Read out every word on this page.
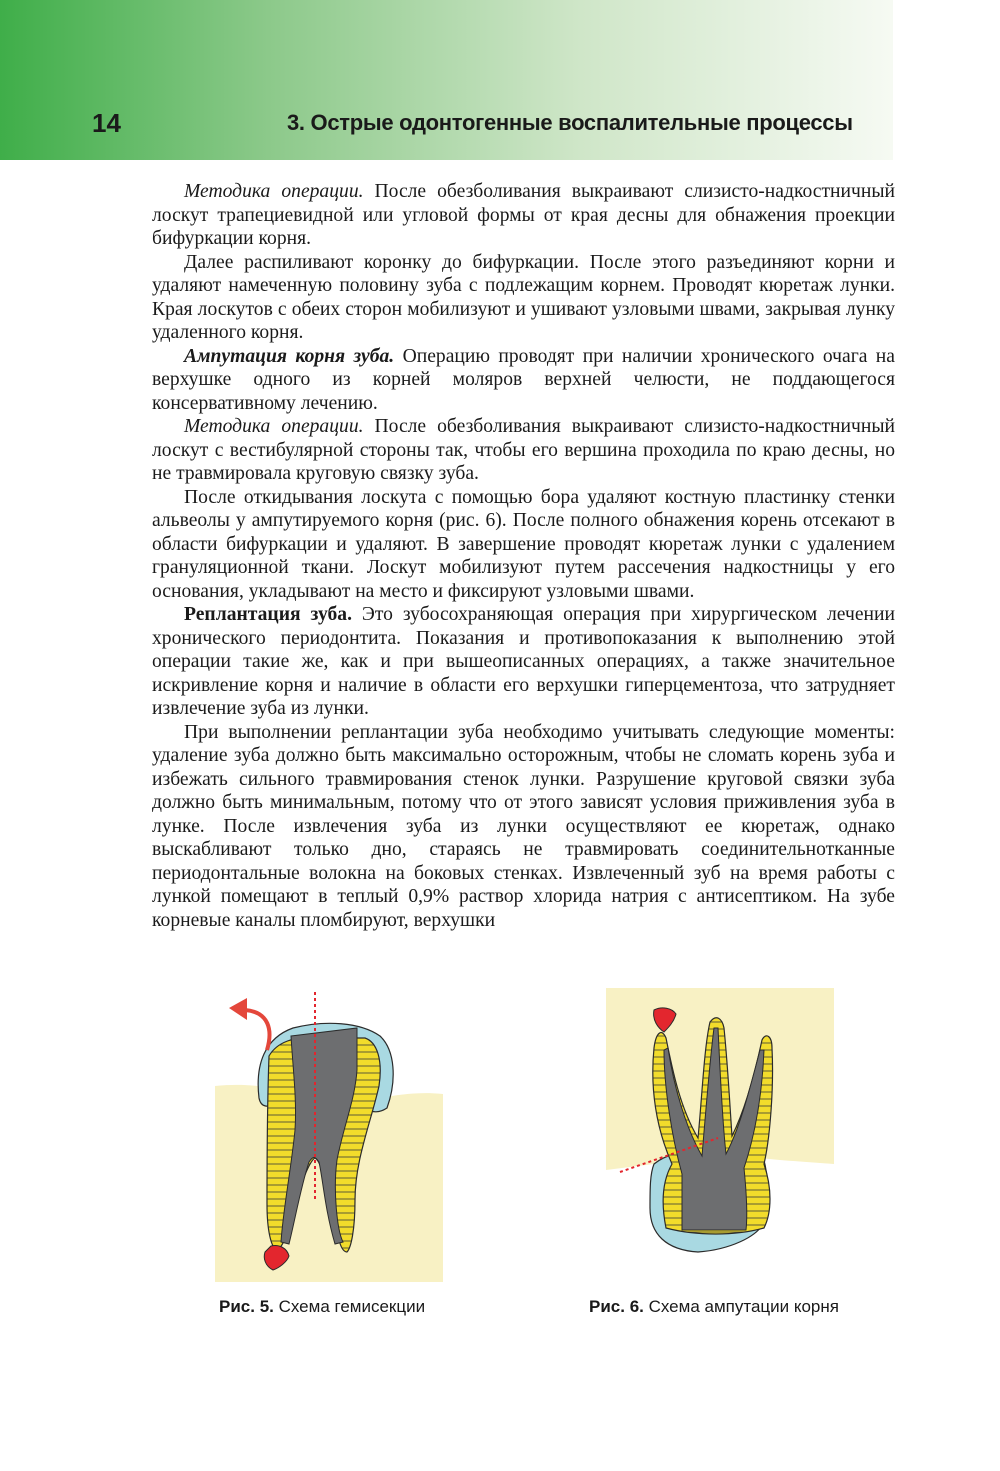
14	3. Острые одонтогенные воспалительные процессы

Методика операции. После обезболивания выкраивают слизисто-надкостничный лоскут трапециевидной или угловой формы от края десны для обнажения проекции бифуркации корня.

Далее распиливают коронку до бифуркации. После этого разъединяют корни и удаляют намеченную половину зуба с подлежащим корнем. Проводят кюретаж лунки. Края лоскутов с обеих сторон мобилизуют и ушивают узловыми швами, закрывая лунку удаленного корня.

Ампутация корня зуба. Операцию проводят при наличии хронического очага на верхушке одного из корней моляров верхней челюсти, не поддающегося консервативному лечению.

Методика операции. После обезболивания выкраивают слизисто-надкостничный лоскут с вестибулярной стороны так, чтобы его вершина проходила по краю десны, но не травмировала круговую связку зуба.

После откидывания лоскута с помощью бора удаляют костную пластинку стенки альвеолы у ампутируемого корня (рис. 6). После полного обнажения корень отсекают в области бифуркации и удаляют. В завершение проводят кюретаж лунки с удалением грануляционной ткани. Лоскут мобилизуют путем рассечения надкостницы у его основания, укладывают на место и фиксируют узловыми швами.

Реплантация зуба. Это зубосохраняющая операция при хирургическом лечении хронического периодонтита. Показания и противопоказания к выполнению этой операции такие же, как и при вышеописанных операциях, а также значительное искривление корня и наличие в области его верхушки гиперцементоза, что затрудняет извлечение зуба из лунки.

При выполнении реплантации зуба необходимо учитывать следующие моменты: удаление зуба должно быть максимально осторожным, чтобы не сломать корень зуба и избежать сильного травмирования стенок лунки. Разрушение круговой связки зуба должно быть минимальным, потому что от этого зависят условия приживления зуба в лунке. После извлечения зуба из лунки осуществляют ее кюретаж, однако выскабливают только дно, стараясь не травмировать соединительнотканные периодонтальные волокна на боковых стенках. Извлеченный зуб на время работы с лункой помещают в теплый 0,9% раствор хлорида натрия с антисептиком. На зубе корневые каналы пломбируют, верхушки

Рис. 5. Схема гемисекции	Рис. 6. Схема ампутации корня
